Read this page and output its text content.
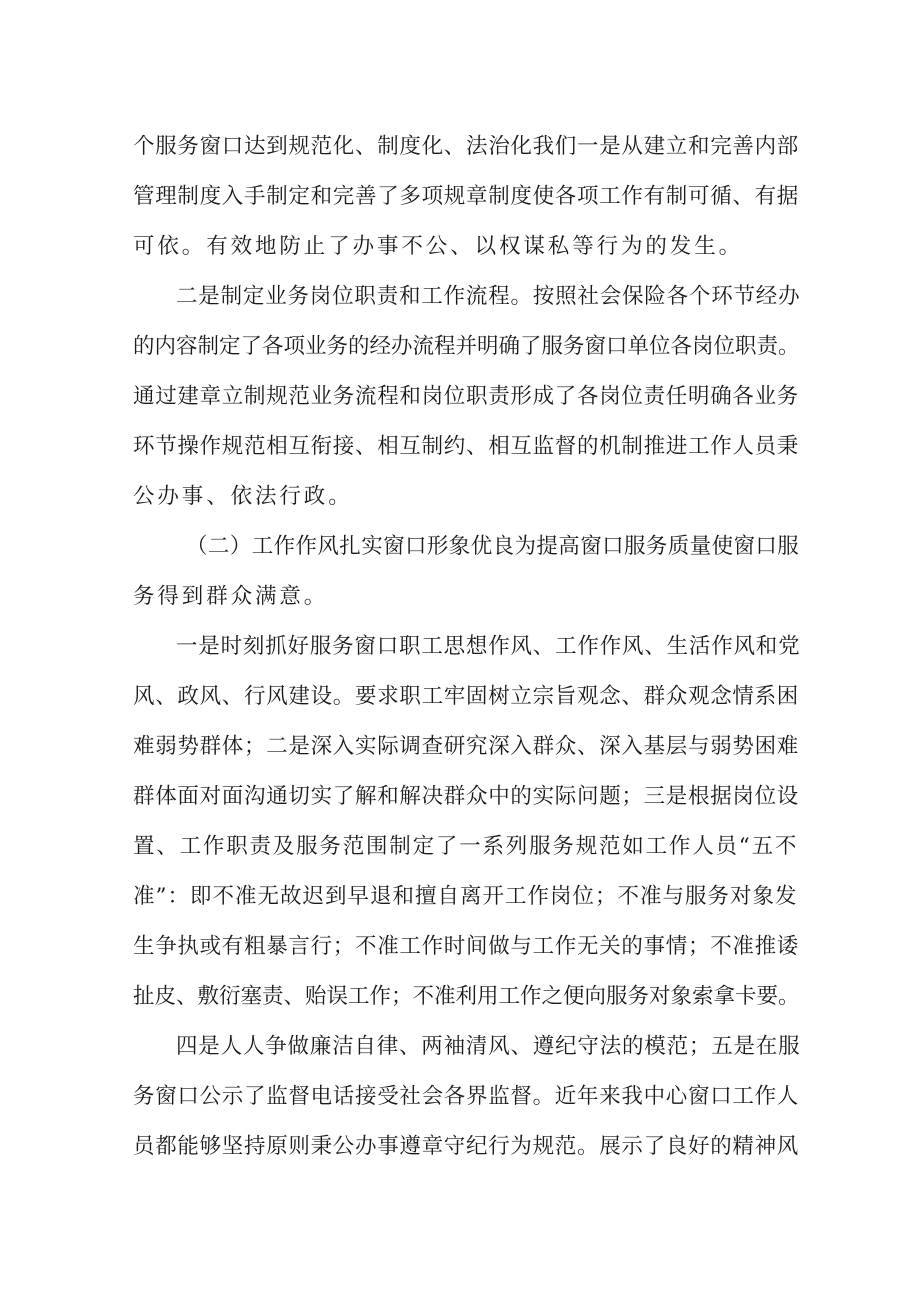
个服务窗口达到规范化、制度化、法治化我们一是从建立和完善内部
管理制度入手制定和完善了多项规章制度使各项工作有制可循、有据
可依。有效地防止了办事不公、以权谋私等行为的发生。
二是制定业务岗位职责和工作流程。按照社会保险各个环节经办
的内容制定了各项业务的经办流程并明确了服务窗口单位各岗位职责。
通过建章立制规范业务流程和岗位职责形成了各岗位责任明确各业务
环节操作规范相互衔接、相互制约、相互监督的机制推进工作人员秉
公办事、依法行政。
（二）工作作风扎实窗口形象优良为提高窗口服务质量使窗口服
务得到群众满意。
一是时刻抓好服务窗口职工思想作风、工作作风、生活作风和党
风、政风、行风建设。要求职工牢固树立宗旨观念、群众观念情系困
难弱势群体；二是深入实际调查研究深入群众、深入基层与弱势困难
群体面对面沟通切实了解和解决群众中的实际问题；三是根据岗位设
置、工作职责及服务范围制定了一系列服务规范如工作人员“五不
准”：即不准无故迟到早退和擅自离开工作岗位；不准与服务对象发
生争执或有粗暴言行；不准工作时间做与工作无关的事情；不准推诿
扯皮、敷衍塞责、贻误工作；不准利用工作之便向服务对象索拿卡要。
四是人人争做廉洁自律、两袖清风、遵纪守法的模范；五是在服
务窗口公示了监督电话接受社会各界监督。近年来我中心窗口工作人
员都能够坚持原则秉公办事遵章守纪行为规范。展示了良好的精神风
